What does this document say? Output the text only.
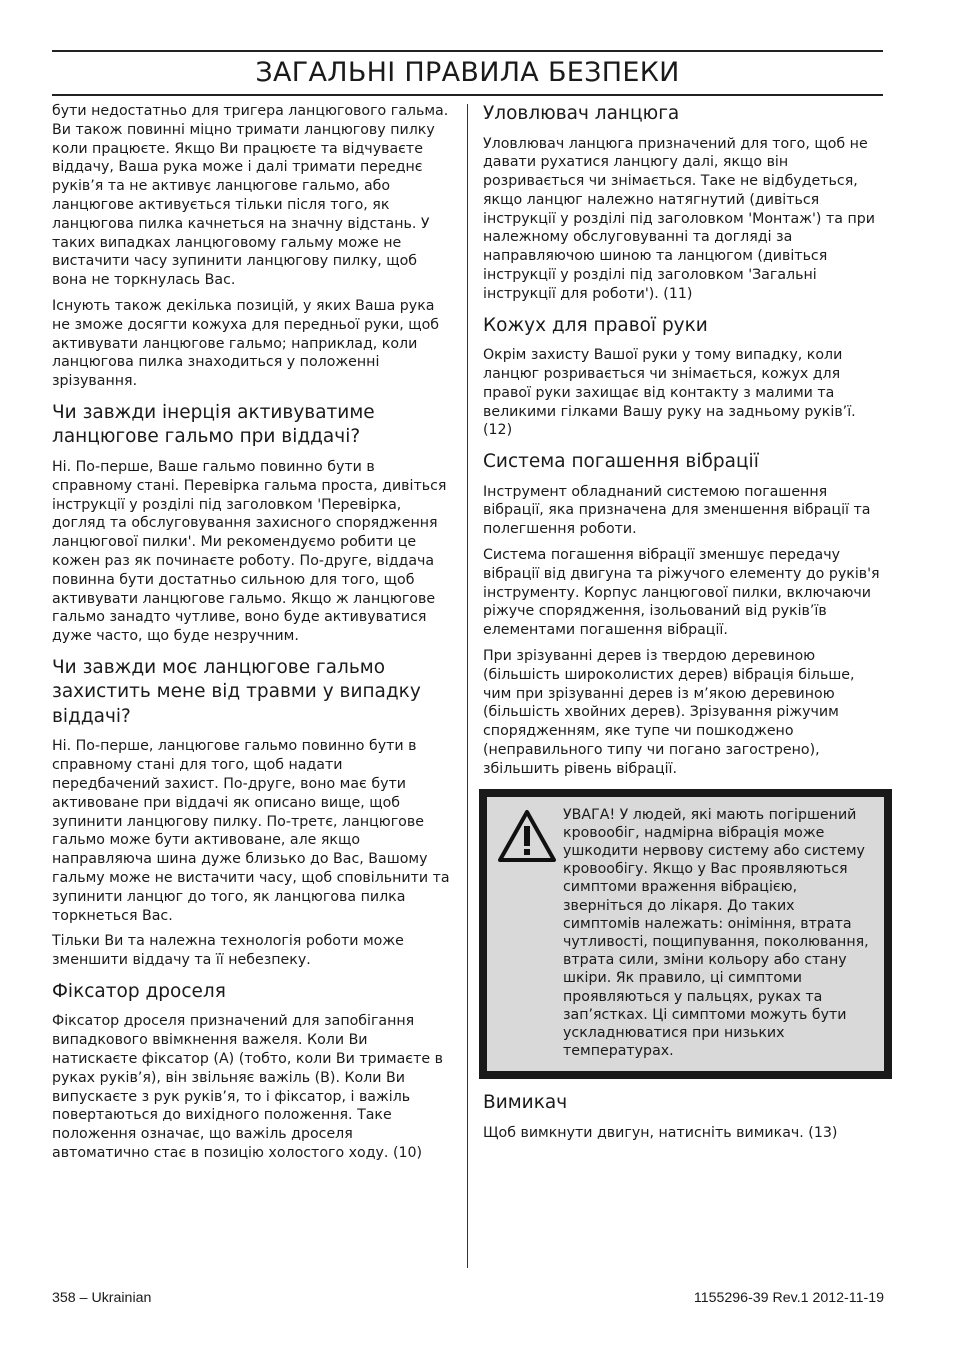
ЗАГАЛЬНІ ПРАВИЛА БЕЗПЕКИ

бути недостатньо для тригера ланцюгового гальма. Ви також повинні міцно тримати ланцюгову пилку коли працюєте. Якщо Ви працюєте та відчуваєте віддачу, Ваша рука може і далі тримати переднє руків’я та не активує ланцюгове гальмо, або ланцюгове активується тільки після того, як ланцюгова пилка качнеться на значну відстань. У таких випадках ланцюговому гальму може не вистачити часу зупинити ланцюгову пилку, щоб вона не торкнулась Вас.

Існують також декілька позицій, у яких Ваша рука не зможе досягти кожуха для передньої руки, щоб активувати ланцюгове гальмо; наприклад, коли ланцюгова пилка знаходиться у положенні зрізування.

Чи завжди інерція активуватиме ланцюгове гальмо при віддачі?

Ні. По-перше, Ваше гальмо повинно бути в справному стані. Перевірка гальма проста, дивіться інструкції у розділі під заголовком 'Перевірка, догляд та обслуговування захисного спорядження ланцюгової пилки'. Ми рекомендуємо робити це кожен раз як починаєте роботу. По-друге, віддача повинна бути достатньо сильною для того, щоб активувати ланцюгове гальмо. Якщо ж ланцюгове гальмо занадто чутливе, воно буде активуватися дуже часто, що буде незручним.

Чи завжди моє ланцюгове гальмо захистить мене від травми у випадку віддачі?

Ні. По-перше, ланцюгове гальмо повинно бути в справному стані для того, щоб надати передбачений захист. По-друге, воно має бути активоване при віддачі як описано вище, щоб зупинити ланцюгову пилку. По-третє, ланцюгове гальмо може бути активоване, але якщо направляюча шина дуже близько до Вас, Вашому гальму може не вистачити часу, щоб сповільнити та зупинити ланцюг до того, як ланцюгова пилка торкнеться Вас.

Тільки Ви та належна технологія роботи може зменшити віддачу та її небезпеку.

Фіксатор дроселя

Фіксатор дроселя призначений для запобігання випадкового ввімкнення важеля. Коли Ви натискаєте фіксатор (A) (тобто, коли Ви тримаєте в руках руків’я), він звільняє важіль (B). Коли Ви випускаєте з рук руків’я, то і фіксатор, і важіль повертаються до вихідного положення. Таке положення означає, що важіль дроселя автоматично стає в позицію холостого ходу. (10)

Уловлювач ланцюга

Уловлювач ланцюга призначений для того, щоб не давати рухатися ланцюгу далі, якщо він розривається чи знімається. Таке не відбудеться, якщо ланцюг належно натягнутий (дивіться інструкції у розділі під заголовком 'Монтаж') та при належному обслуговуванні та догляді за направляючою шиною та ланцюгом (дивіться інструкції у розділі під заголовком 'Загальні інструкції для роботи'). (11)

Кожух для правої руки

Окрім захисту Вашої руки у тому випадку, коли ланцюг розривається чи знімається, кожух для правої руки захищає від контакту з малими та великими гілками Вашу руку на задньому руків’ї. (12)

Система погашення вібрації

Інструмент обладнаний системою погашення вібрації, яка призначена для зменшення вібрації та полегшення роботи.

Система погашення вібрації зменшує передачу вібрації від двигуна та ріжучого елементу до руків'я інструменту. Корпус ланцюгової пилки, включаючи ріжуче спорядження, ізольований від руків’їв елементами погашення вібрації.

При зрізуванні дерев із твердою деревиною (більшість широколистих дерев) вібрація більше, чим при зрізуванні дерев із м’якою деревиною (більшість хвойних дерев). Зрізування ріжучим спорядженням, яке тупе чи пошкоджено (неправильного типу чи погано загострено), збільшить рівень вібрації.

УВАГА! У людей, які мають погіршений кровообіг, надмірна вібрація може ушкодити нервову систему або систему кровообігу. Якщо у Вас проявляються симптоми враження вібрацією, зверніться до лікаря. До таких симптомів належать: оніміння, втрата чутливості, пощипування, поколювання, втрата сили, зміни кольору або стану шкіри. Як правило, ці симптоми проявляються у пальцях, руках та зап’ястках. Ці симптоми можуть бути ускладнюватися при низьких температурах.

Вимикач

Щоб вимкнути двигун, натисніть вимикач. (13)

358 – Ukrainian	1155296-39 Rev.1 2012-11-19
